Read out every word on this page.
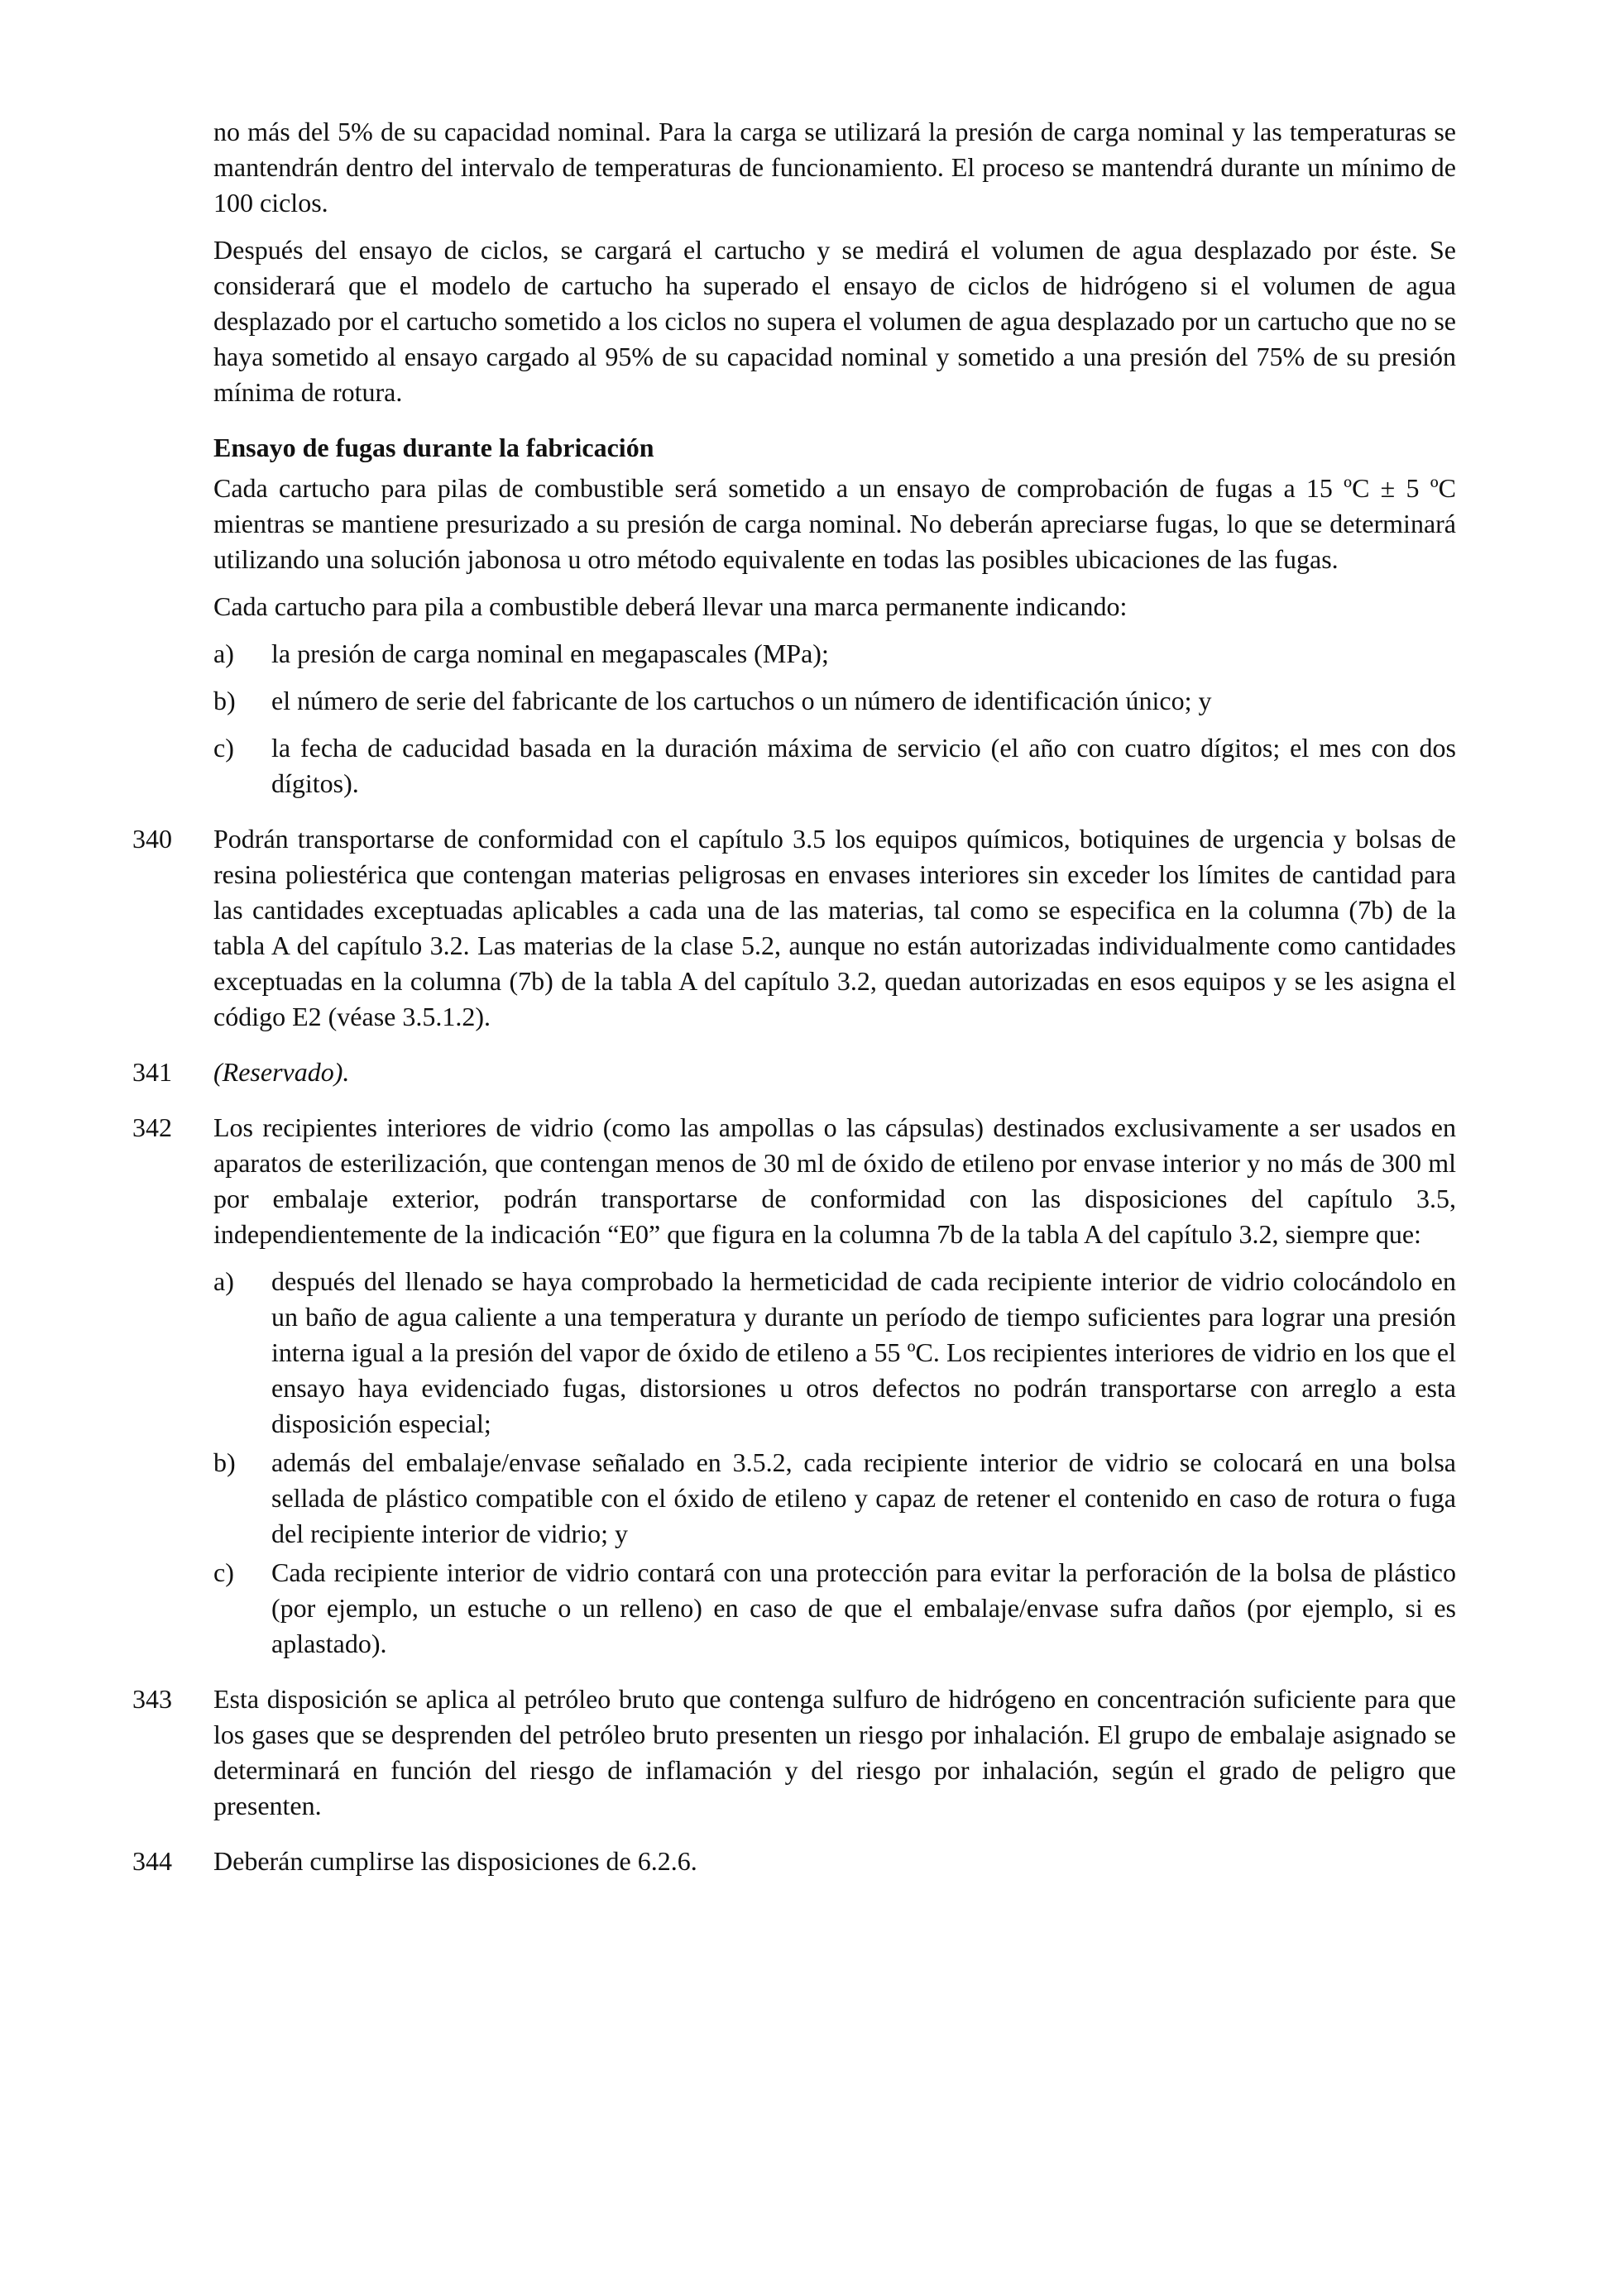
no más del 5% de su capacidad nominal. Para la carga se utilizará la presión de carga nominal y las temperaturas se mantendrán dentro del intervalo de temperaturas de funcionamiento. El proceso se mantendrá durante un mínimo de 100 ciclos.

Después del ensayo de ciclos, se cargará el cartucho y se medirá el volumen de agua desplazado por éste. Se considerará que el modelo de cartucho ha superado el ensayo de ciclos de hidrógeno si el volumen de agua desplazado por el cartucho sometido a los ciclos no supera el volumen de agua desplazado por un cartucho que no se haya sometido al ensayo cargado al 95% de su capacidad nominal y sometido a una presión del 75% de su presión mínima de rotura.

Ensayo de fugas durante la fabricación

Cada cartucho para pilas de combustible será sometido a un ensayo de comprobación de fugas a 15 ºC ± 5 ºC mientras se mantiene presurizado a su presión de carga nominal. No deberán apreciarse fugas, lo que se determinará utilizando una solución jabonosa u otro método equivalente en todas las posibles ubicaciones de las fugas.

Cada cartucho para pila a combustible deberá llevar una marca permanente indicando:

a)	la presión de carga nominal en megapascales (MPa);
b)	el número de serie del fabricante de los cartuchos o un número de identificación único; y
c)	la fecha de caducidad basada en la duración máxima de servicio (el año con cuatro dígitos; el mes con dos dígitos).
340 Podrán transportarse de conformidad con el capítulo 3.5 los equipos químicos, botiquines de urgencia y bolsas de resina poliestérica que contengan materias peligrosas en envases interiores sin exceder los límites de cantidad para las cantidades exceptuadas aplicables a cada una de las materias, tal como se especifica en la columna (7b) de la tabla A del capítulo 3.2. Las materias de la clase 5.2, aunque no están autorizadas individualmente como cantidades exceptuadas en la columna (7b) de la tabla A del capítulo 3.2, quedan autorizadas en esos equipos y se les asigna el código E2 (véase 3.5.1.2).

341 (Reservado).

342 Los recipientes interiores de vidrio (como las ampollas o las cápsulas) destinados exclusivamente a ser usados en aparatos de esterilización, que contengan menos de 30 ml de óxido de etileno por envase interior y no más de 300 ml por embalaje exterior, podrán transportarse de conformidad con las disposiciones del capítulo 3.5, independientemente de la indicación “E0” que figura en la columna 7b de la tabla A del capítulo 3.2, siempre que:

a)	después del llenado se haya comprobado la hermeticidad de cada recipiente interior de vidrio colocándolo en un baño de agua caliente a una temperatura y durante un período de tiempo suficientes para lograr una presión interna igual a la presión del vapor de óxido de etileno a 55 ºC. Los recipientes interiores de vidrio en los que el ensayo haya evidenciado fugas, distorsiones u otros defectos no podrán transportarse con arreglo a esta disposición especial;
b)	además del embalaje/envase señalado en 3.5.2, cada recipiente interior de vidrio se colocará en una bolsa sellada de plástico compatible con el óxido de etileno y capaz de retener el contenido en caso de rotura o fuga del recipiente interior de vidrio; y
c)	Cada recipiente interior de vidrio contará con una protección para evitar la perforación de la bolsa de plástico (por ejemplo, un estuche o un relleno) en caso de que el embalaje/envase sufra daños (por ejemplo, si es aplastado).
343 Esta disposición se aplica al petróleo bruto que contenga sulfuro de hidrógeno en concentración suficiente para que los gases que se desprenden del petróleo bruto presenten un riesgo por inhalación. El grupo de embalaje asignado se determinará en función del riesgo de inflamación y del riesgo por inhalación, según el grado de peligro que presenten.

344 Deberán cumplirse las disposiciones de 6.2.6.
